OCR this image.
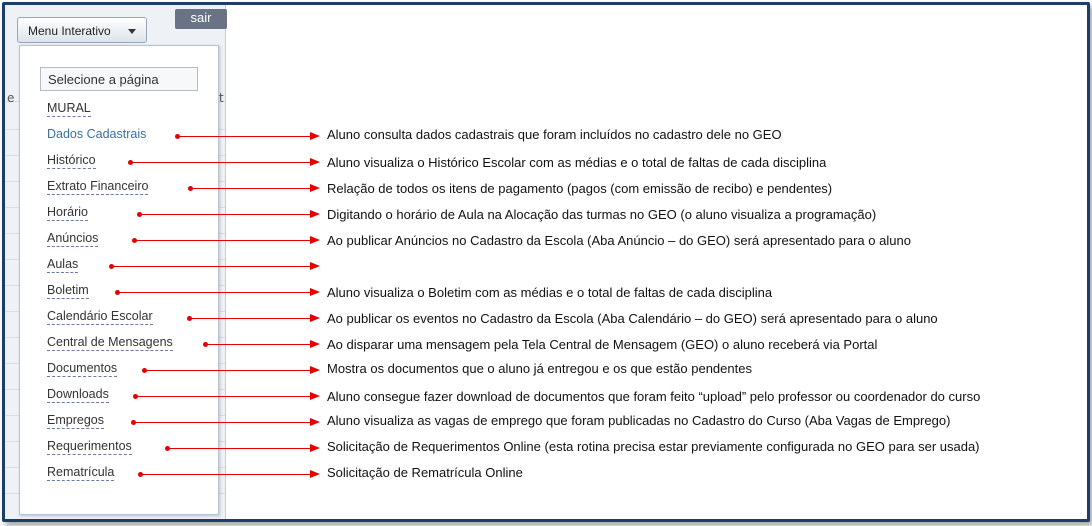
e	t
sair
Menu Interativo
Selecione a página
MURAL
Dados Cadastrais
Histórico
Extrato Financeiro
Horário
Anúncios
Aulas
Boletim
Calendário Escolar
Central de Mensagens
Documentos
Downloads
Empregos
Requerimentos
Rematrícula
Aluno consulta dados cadastrais que foram incluídos no cadastro dele no GEO
Aluno visualiza o Histórico Escolar com as médias e o total de faltas de cada disciplina
Relação de todos os itens de pagamento (pagos (com emissão de recibo) e pendentes)
Digitando o horário de Aula na Alocação das turmas no GEO (o aluno visualiza a programação)
Ao publicar Anúncios no Cadastro da Escola (Aba Anúncio – do GEO) será apresentado para o aluno
Aluno visualiza o Boletim com as médias e o total de faltas de cada disciplina
Ao publicar os eventos no Cadastro da Escola (Aba Calendário – do GEO) será apresentado para o aluno
Ao disparar uma mensagem pela Tela Central de Mensagem (GEO) o aluno receberá via Portal
Mostra os documentos que o aluno já entregou e os que estão pendentes
Aluno consegue fazer download de documentos que foram feito “upload” pelo professor ou coordenador do curso
Aluno visualiza as vagas de emprego que foram publicadas no Cadastro do Curso (Aba Vagas de Emprego)
Solicitação de Requerimentos Online (esta rotina precisa estar previamente configurada no GEO para ser usada)
Solicitação de Rematrícula Online
